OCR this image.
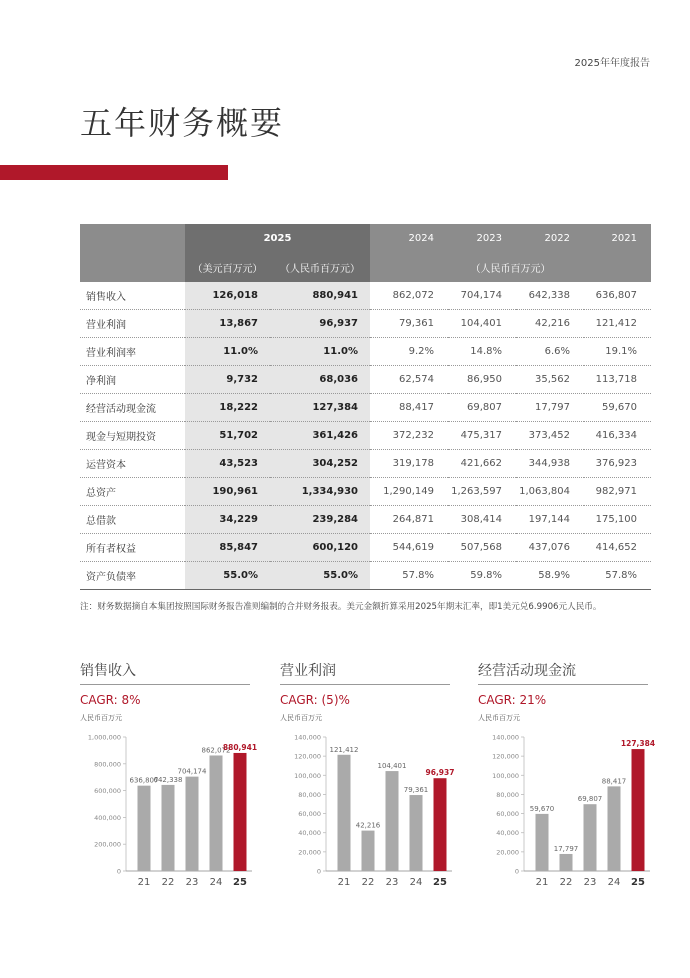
2025年年度报告
五年财务概要
	2025		2024	2023	2022	2021
	（美元百万元）	（人民币百万元）	（人民币百万元）			
销售收入	126,018	880,941	862,072	704,174	642,338	636,807
营业利润	13,867	96,937	79,361	104,401	42,216	121,412
营业利润率	11.0%	11.0%	9.2%	14.8%	6.6%	19.1%
净利润	9,732	68,036	62,574	86,950	35,562	113,718
经营活动现金流	18,222	127,384	88,417	69,807	17,797	59,670
现金与短期投资	51,702	361,426	372,232	475,317	373,452	416,334
运营资本	43,523	304,252	319,178	421,662	344,938	376,923
总资产	190,961	1,334,930	1,290,149	1,263,597	1,063,804	982,971
总借款	34,229	239,284	264,871	308,414	197,144	175,100
所有者权益	85,847	600,120	544,619	507,568	437,076	414,652
资产负债率	55.0%	55.0%	57.8%	59.8%	58.9%	57.8%
注：财务数据摘自本集团按照国际财务报告准则编制的合并财务报表。美元金额折算采用2025年期末汇率，即1美元兑6.9906元人民币。
销售收入
CAGR: 8%
人民币百万元
0
200,000
400,000
600,000
800,000
1,000,000
636,807
21
642,338
22
704,174
23
862,072
24
880,941
25
营业利润
CAGR: (5)%
人民币百万元
0
20,000
40,000
60,000
80,000
100,000
120,000
140,000
121,412
21
42,216
22
104,401
23
79,361
24
96,937
25
经营活动现金流
CAGR: 21%
人民币百万元
0
20,000
40,000
60,000
80,000
100,000
120,000
140,000
59,670
21
17,797
22
69,807
23
88,417
24
127,384
25
